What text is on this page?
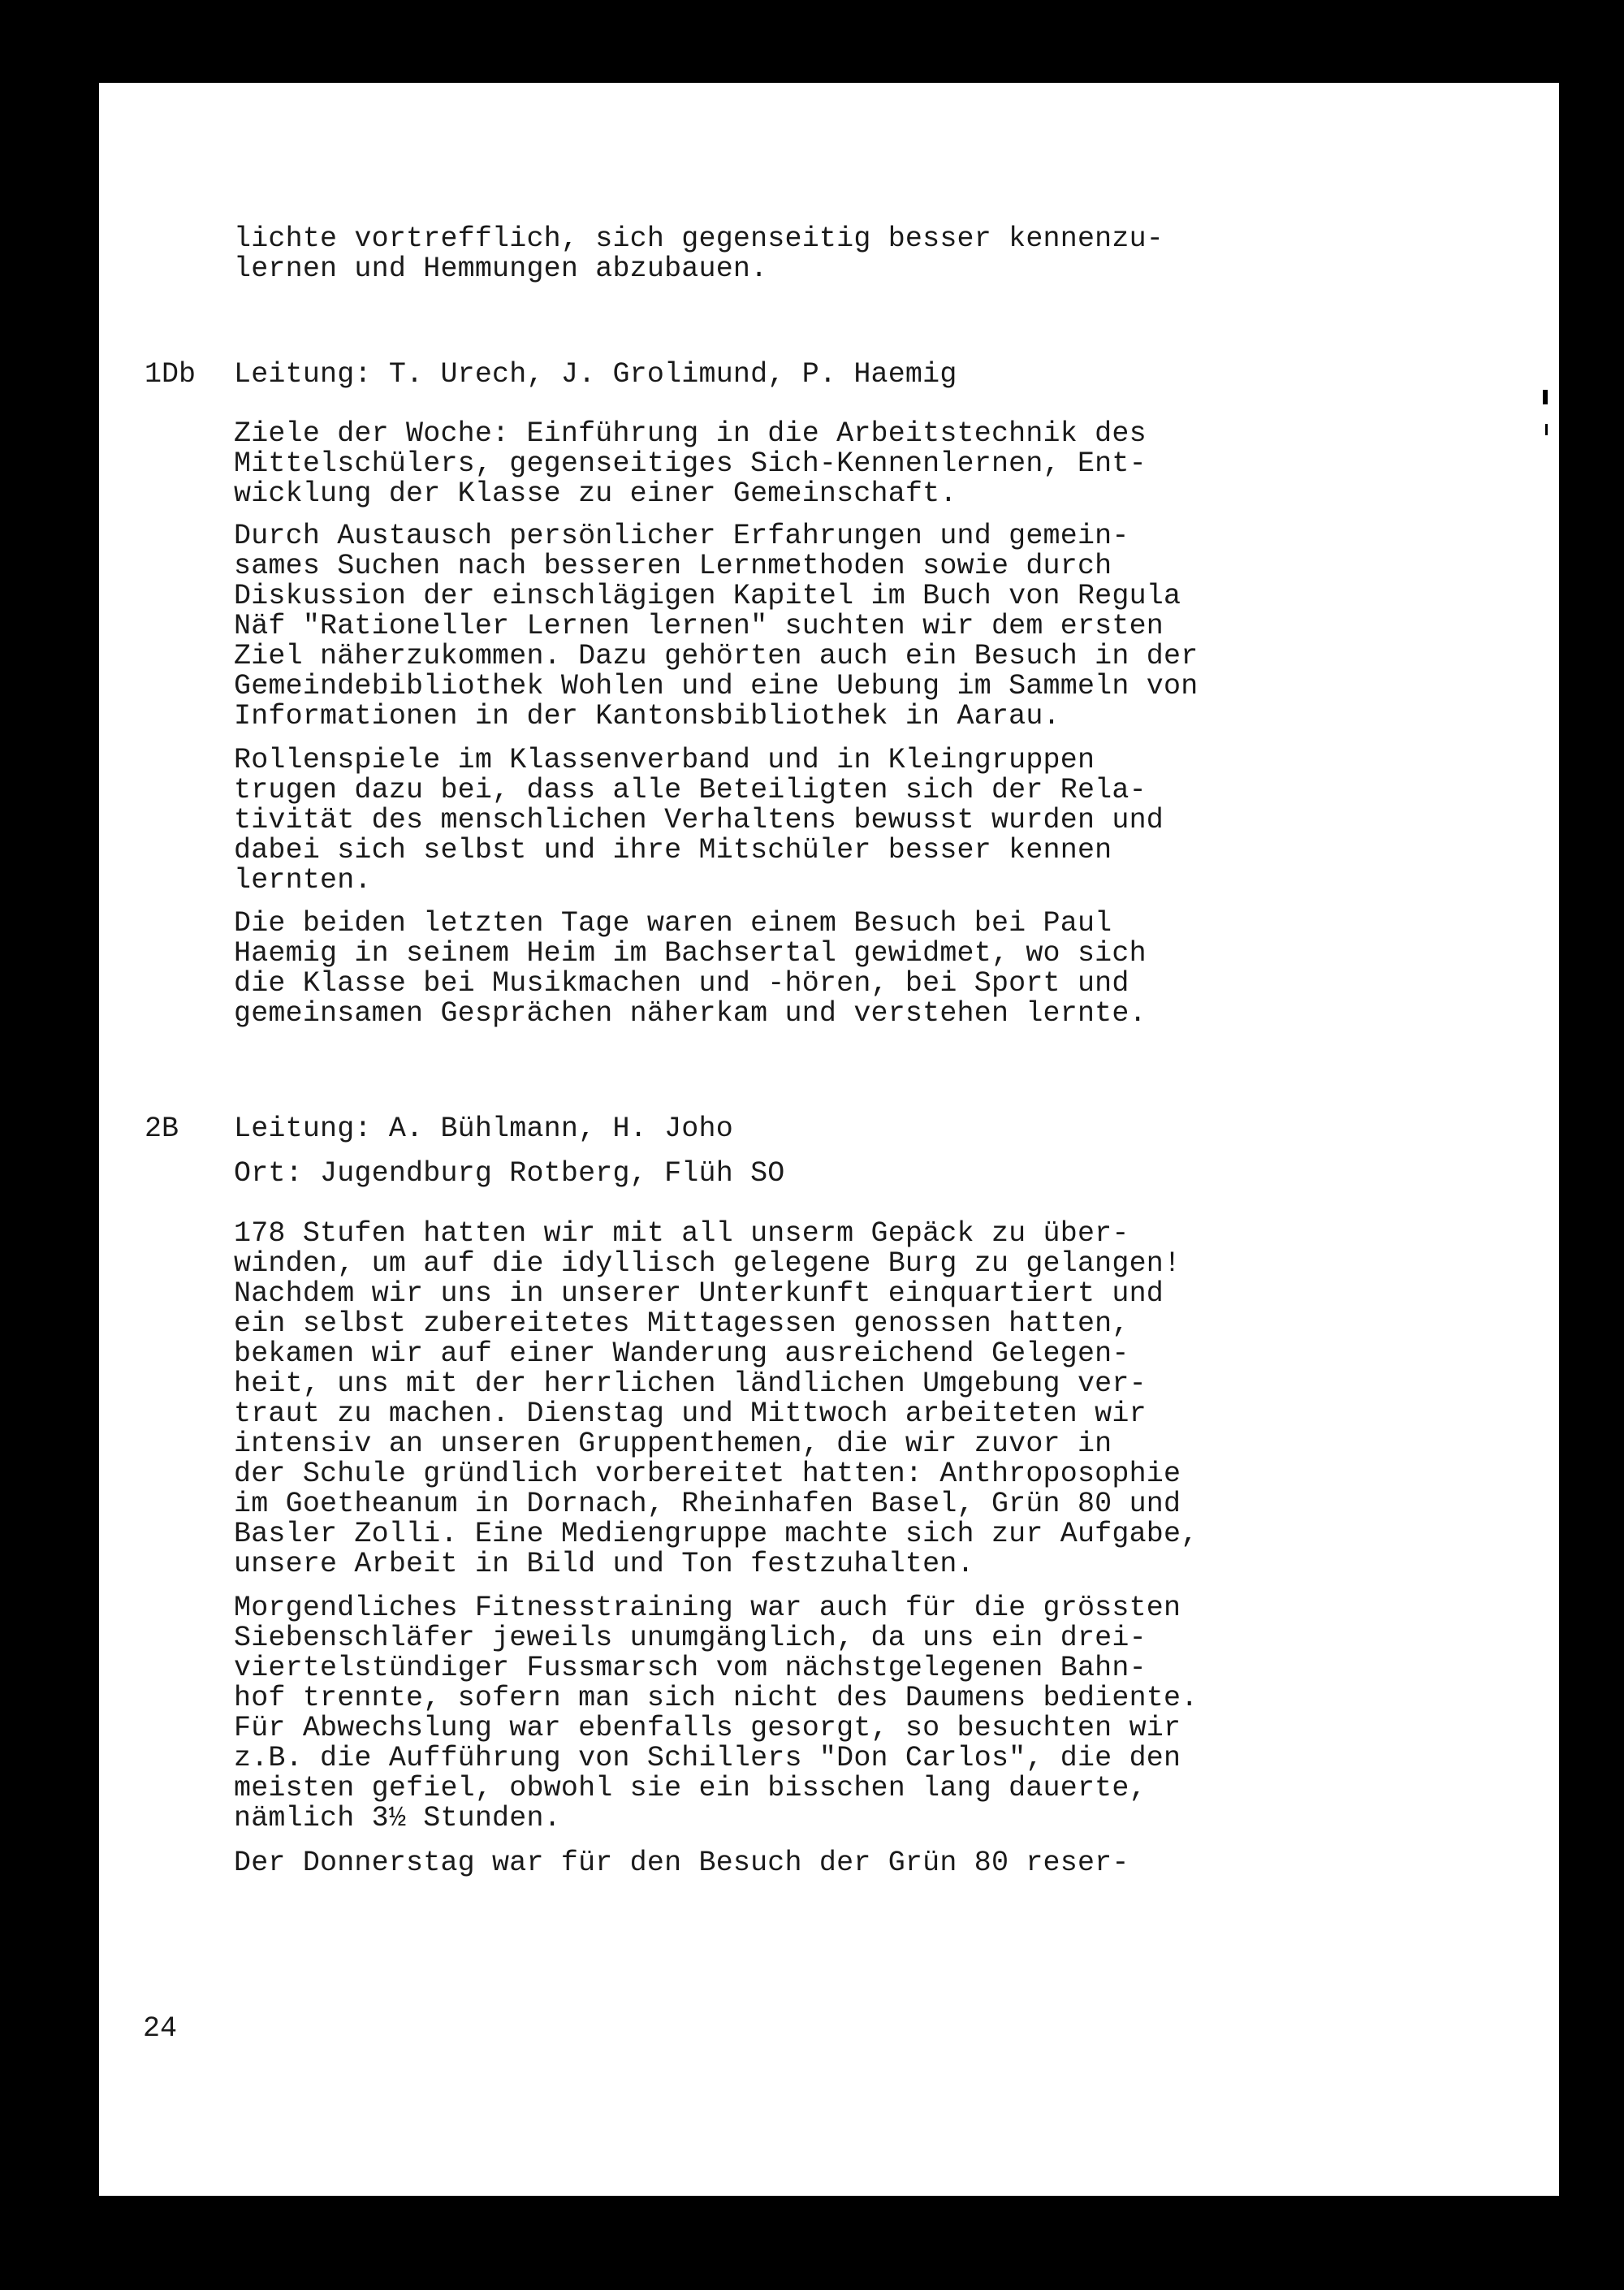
lichte vortrefflich, sich gegenseitig besser kennenzu-
lernen und Hemmungen abzubauen.
1Db Leitung: T. Urech, J. Grolimund, P. Haemig
Ziele der Woche: Einführung in die Arbeitstechnik des
Mittelschülers, gegenseitiges Sich-Kennenlernen, Ent-
wicklung der Klasse zu einer Gemeinschaft.
Durch Austausch persönlicher Erfahrungen und gemein-
sames Suchen nach besseren Lernmethoden sowie durch
Diskussion der einschlägigen Kapitel im Buch von Regula
Näf "Rationeller Lernen lernen" suchten wir dem ersten
Ziel näherzukommen. Dazu gehörten auch ein Besuch in der
Gemeindebibliothek Wohlen und eine Uebung im Sammeln von
Informationen in der Kantonsbibliothek in Aarau.
Rollenspiele im Klassenverband und in Kleingruppen
trugen dazu bei, dass alle Beteiligten sich der Rela-
tivität des menschlichen Verhaltens bewusst wurden und
dabei sich selbst und ihre Mitschüler besser kennen
lernten.
Die beiden letzten Tage waren einem Besuch bei Paul
Haemig in seinem Heim im Bachsertal gewidmet, wo sich
die Klasse bei Musikmachen und -hören, bei Sport und
gemeinsamen Gesprächen näherkam und verstehen lernte.
2B Leitung: A. Bühlmann, H. Joho
Ort: Jugendburg Rotberg, Flüh SO
178 Stufen hatten wir mit all unserm Gepäck zu über-
winden, um auf die idyllisch gelegene Burg zu gelangen!
Nachdem wir uns in unserer Unterkunft einquartiert und
ein selbst zubereitetes Mittagessen genossen hatten,
bekamen wir auf einer Wanderung ausreichend Gelegen-
heit, uns mit der herrlichen ländlichen Umgebung ver-
traut zu machen. Dienstag und Mittwoch arbeiteten wir
intensiv an unseren Gruppenthemen, die wir zuvor in
der Schule gründlich vorbereitet hatten: Anthroposophie
im Goetheanum in Dornach, Rheinhafen Basel, Grün 80 und
Basler Zolli. Eine Mediengruppe machte sich zur Aufgabe,
unsere Arbeit in Bild und Ton festzuhalten.
Morgendliches Fitnesstraining war auch für die grössten
Siebenschläfer jeweils unumgänglich, da uns ein drei-
viertelstündiger Fussmarsch vom nächstgelegenen Bahn-
hof trennte, sofern man sich nicht des Daumens bediente.
Für Abwechslung war ebenfalls gesorgt, so besuchten wir
z.B. die Aufführung von Schillers "Don Carlos", die den
meisten gefiel, obwohl sie ein bisschen lang dauerte,
nämlich 3½ Stunden.
Der Donnerstag war für den Besuch der Grün 80 reser-
24
